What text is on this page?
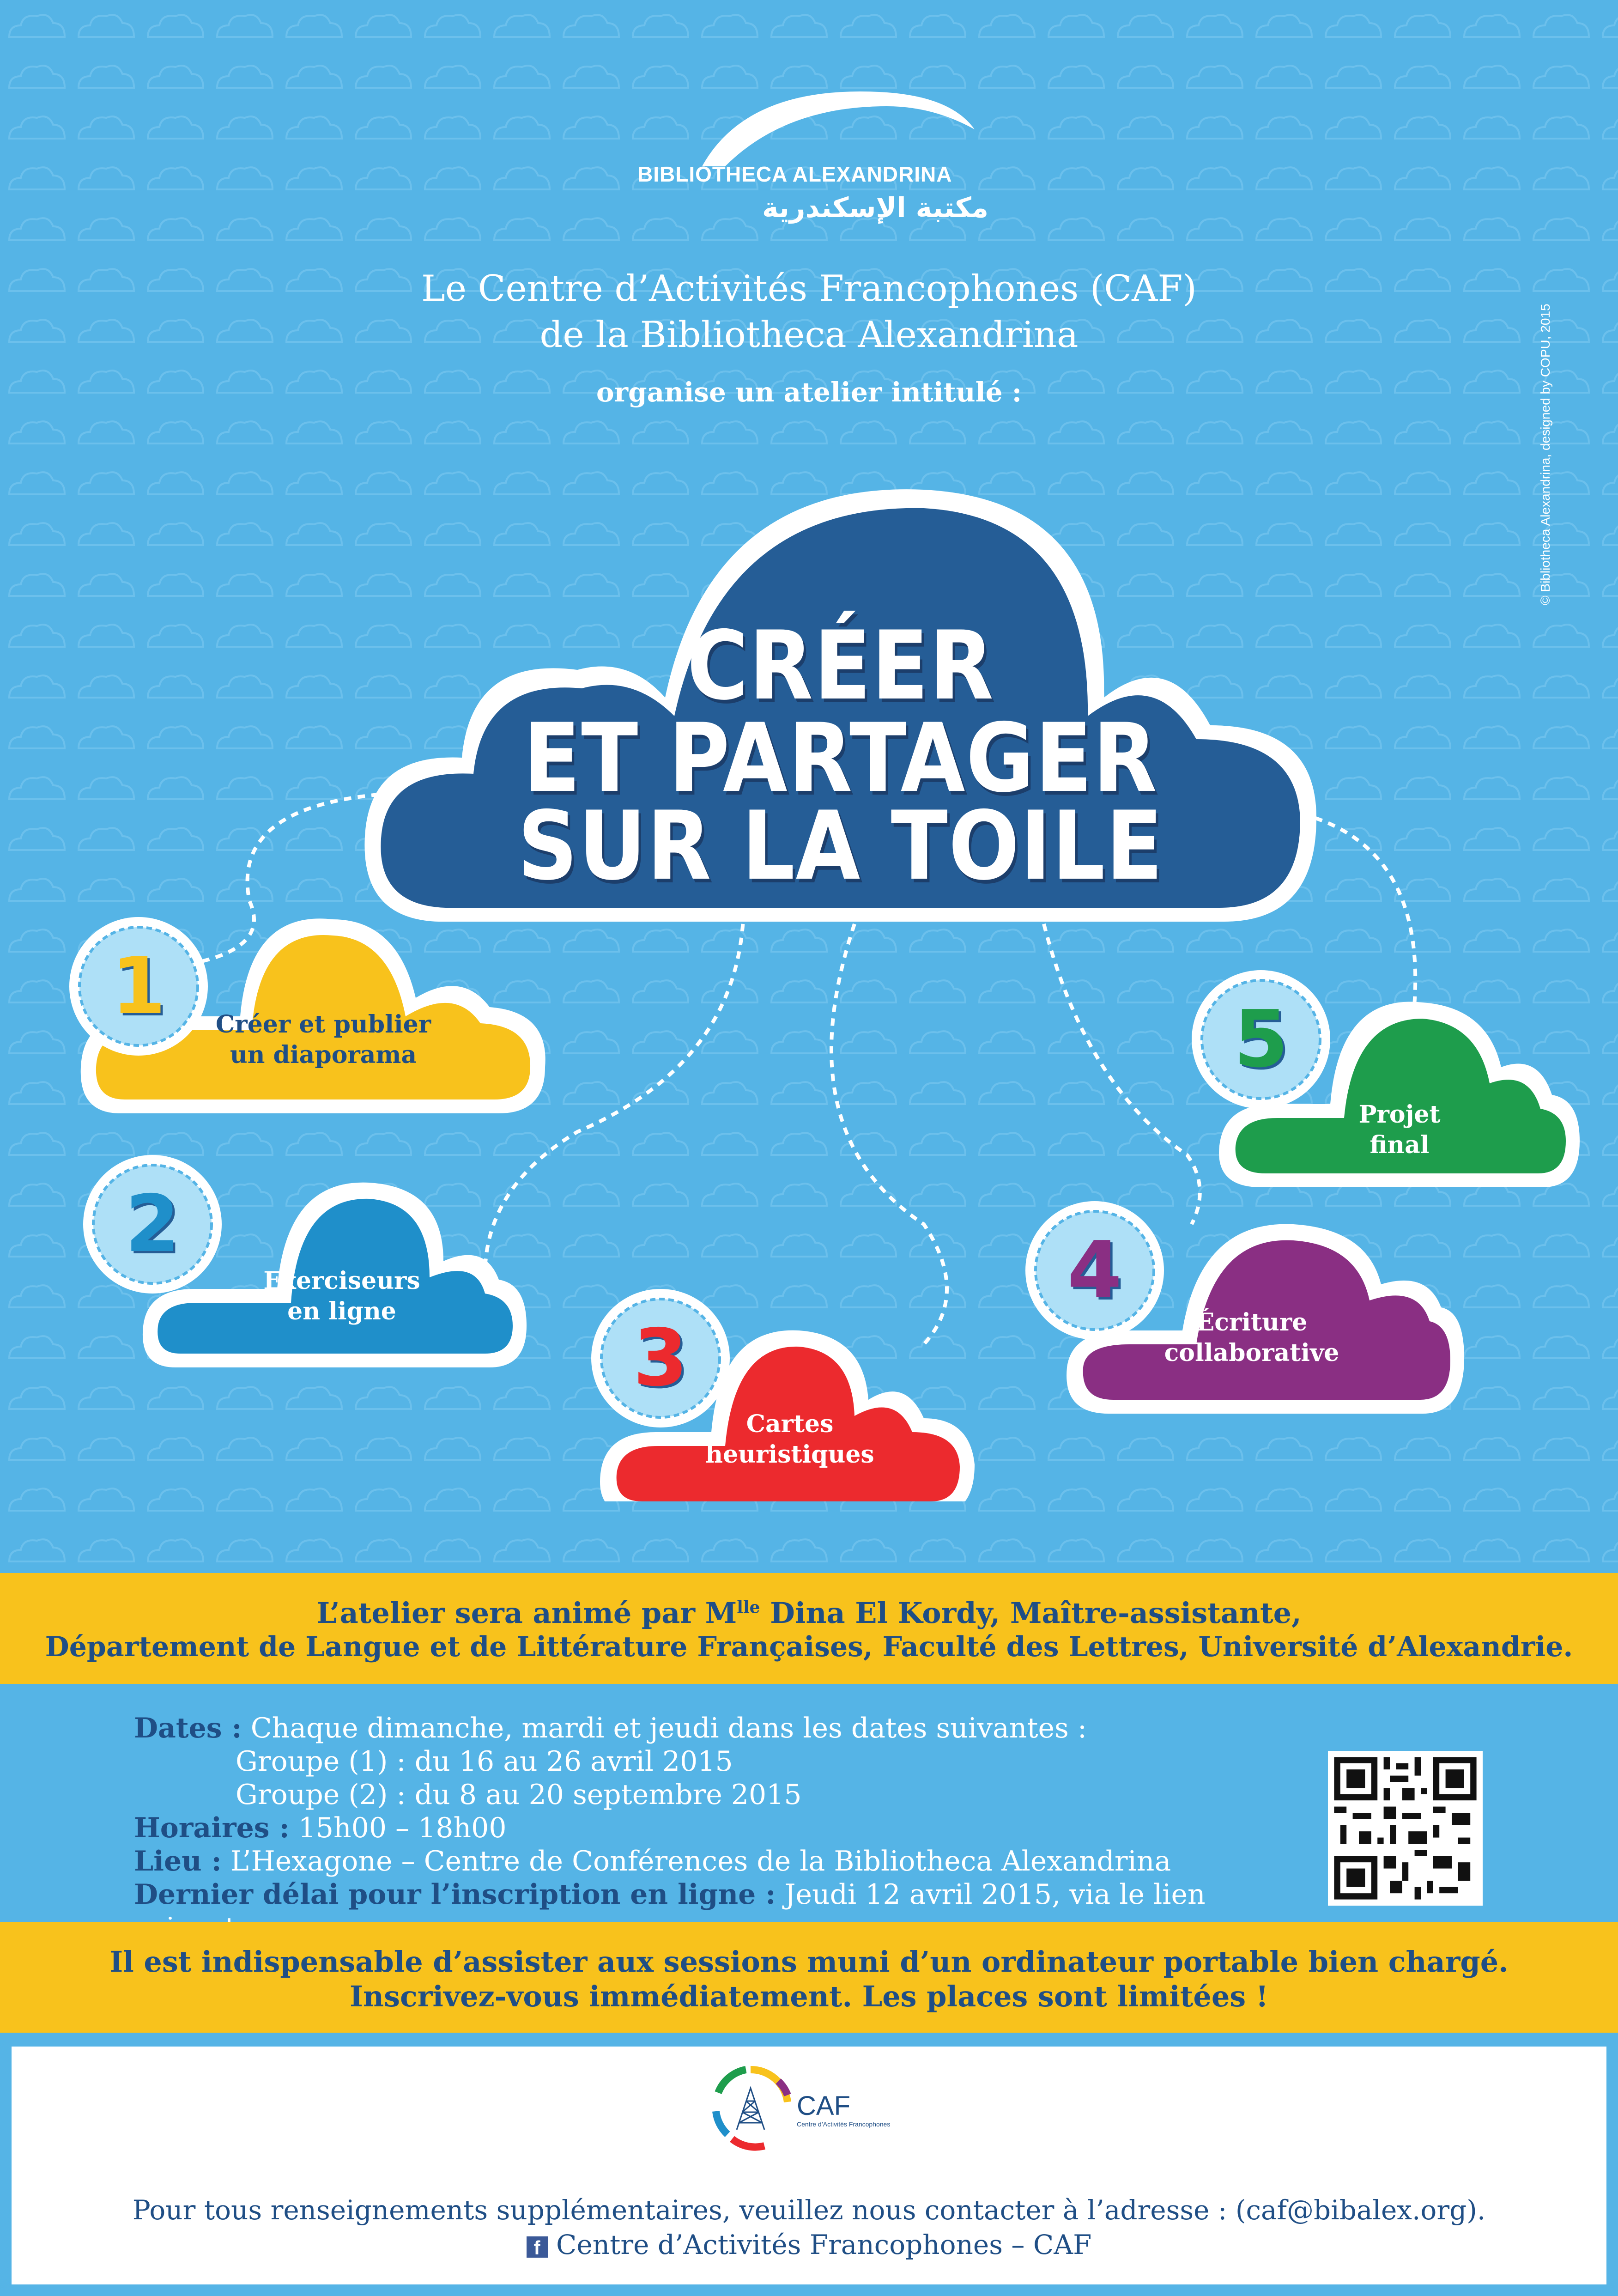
BIBLIOTHECA ALEXANDRINA
مكتبة الإسكندرية
Le Centre d’Activités Francophones (CAF)
de la Bibliotheca Alexandrina
organise un atelier intitulé :
CRÉER
ET PARTAGER
SUR LA TOILE
© Bibliotheca Alexandrina, designed by COPU, 2015
1
2
3
4
5
Créer et publier
un diaporama
Exerciseurs
en ligne
Cartes
heuristiques
Écriture
collaborative
Projet
final
L’atelier sera animé par $M^{lle}$ Dina El Kordy, Maître-assistante,
Département de Langue et de Littérature Françaises, Faculté des Lettres, Université d’Alexandrie.
Dates : Chaque dimanche, mardi et jeudi dans les dates suivantes :
Groupe (1) : du 16 au 26 avril 2015
Groupe (2) : du 8 au 20 septembre 2015
Horaires : 15h00 – 18h00
Lieu : L’Hexagone – Centre de Conférences de la Bibliotheca Alexandrina
Dernier délai pour l’inscription en ligne : Jeudi 12 avril 2015, via le lien
Il est indispensable d’assister aux sessions muni d’un ordinateur portable bien chargé.
Inscrivez-vous immédiatement. Les places sont limitées !
CAF
Centre d’Activités Francophones
Pour tous renseignements supplémentaires, veuillez nous contacter à l’adresse : (caf@bibalex.org).
f Centre d’Activités Francophones – CAF
